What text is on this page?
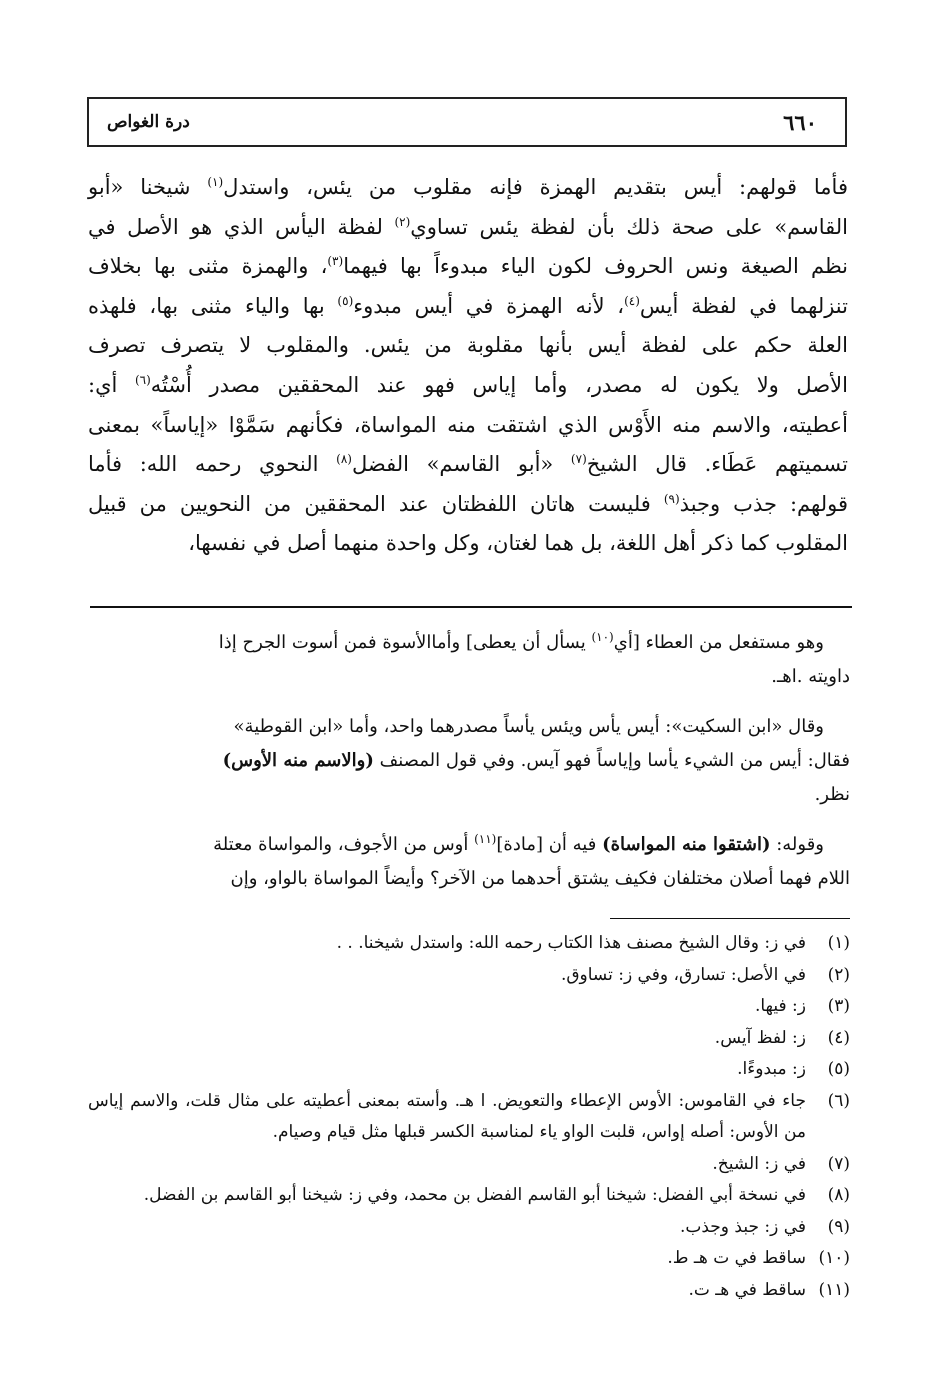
٦٦٠
درة الغواص

فأما قولهم: أيس بتقديم الهمزة فإنه مقلوب من يئس، واستدل$^{(١)}$ شيخنا «أبو

القاسم» على صحة ذلك بأن لفظة يئس تساوي$^{(٢)}$ لفظة اليأس الذي هو الأصل في

نظم الصيغة ونس الحروف لكون الياء مبدوءاً بها فيهما$^{(٣)}$، والهمزة مثنى بها بخلاف

تنزلهما في لفظة أيس$^{(٤)}$، لأنه الهمزة في أيس مبدوء$^{(٥)}$ بها والياء مثنى بها، فلهذه

العلة حكم على لفظة أيس بأنها مقلوبة من يئس. والمقلوب لا يتصرف تصرف

الأصل ولا يكون له مصدر، وأما إياس فهو عند المحققين مصدر أُسْتُه$^{(٦)}$ أي:

أعطيته، والاسم منه الأَوْس الذي اشتقت منه المواساة، فكأنهم سَمَّوْا «إياساً» بمعنى

تسميتهم عَطَاء. قال الشيخ$^{(٧)}$ «أبو القاسم» الفضل$^{(٨)}$ النحوي رحمه الله: فأما

قولهم: جذب وجبذ$^{(٩)}$ فليست هاتان اللفظتان عند المحققين من النحويين من قبيل

المقلوب كما ذكر أهل اللغة، بل هما لغتان، وكل واحدة منهما أصل في نفسها،

وهو مستفعل من العطاء [أي$^{(١٠)}$ يسأل أن يعطى] وأماالأسوة فمن أسوت الجرح إذا

داويته .اهـ.

وقال «ابن السكيت»: أيس يأس ويئس يأساً مصدرهما واحد، وأما «ابن القوطية»

فقال: أيس من الشيء يأسا وإياساً فهو آيس. وفي قول المصنف (والاسم منه الأوس)

نظر.

وقوله: (اشتقوا منه المواساة) فيه أن [مادة]$^{(١١)}$ أوس من الأجوف، والمواساة معتلة

اللام فهما أصلان مختلفان فكيف يشتق أحدهما من الآخر؟ وأيضاً المواساة بالواو، وإن

(١)
في ز: وقال الشيخ مصنف هذا الكتاب رحمه الله: واستدل شيخنا. . .
(٢)
في الأصل: تسارق، وفي ز: تساوق.
(٣)
ز: فيها.
(٤)
ز: لفظ آيس.
(٥)
ز: مبدوءًا.
(٦)
جاء في القاموس: الأوس الإعطاء والتعويض. ا هـ. وأسته بمعنى أعطيته على مثال قلت، والاسم إياس من الأوس: أصله إواس، قلبت الواو ياء لمناسبة الكسر قبلها مثل قيام وصيام.
(٧)
في ز: الشيخ.
(٨)
في نسخة أبي الفضل: شيخنا أبو القاسم الفضل بن محمد، وفي ز: شيخنا أبو القاسم بن الفضل.
(٩)
في ز: جبذ وجذب.
(١٠)
ساقط في ت هـ ط.
(١١)
ساقط في هـ ت.
